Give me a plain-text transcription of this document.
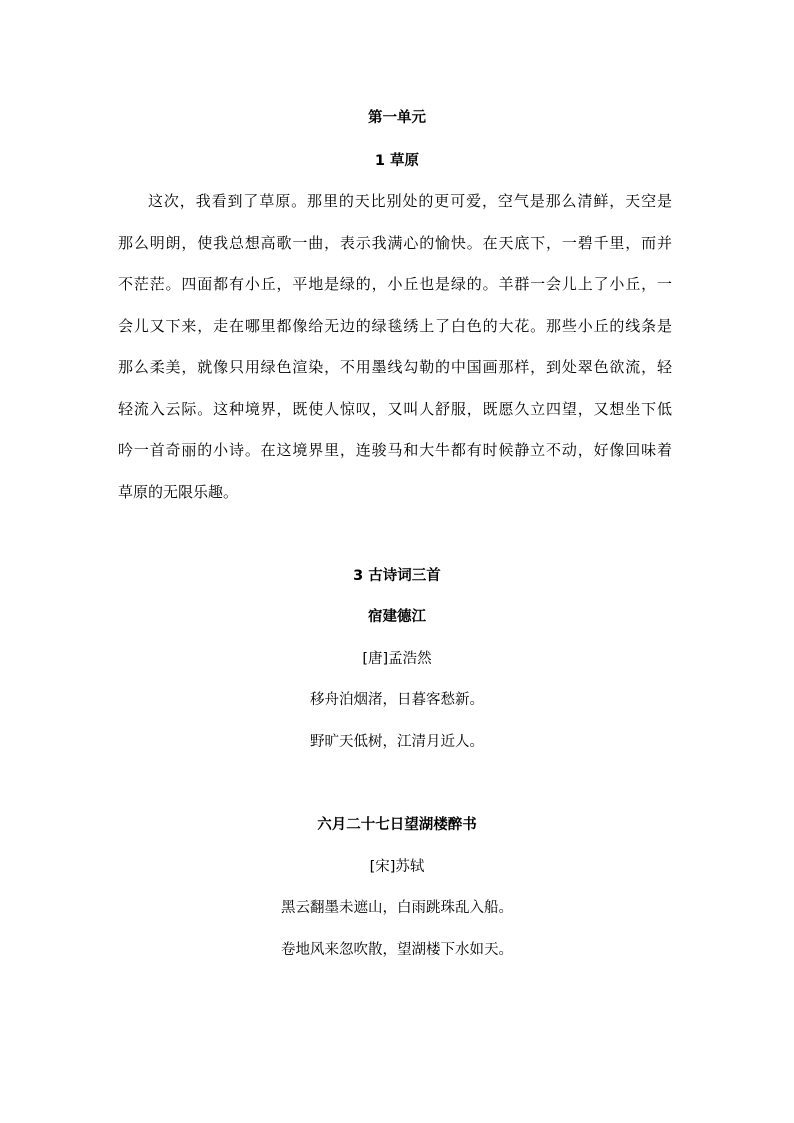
第一单元
1 草原
这次，我看到了草原。那里的天比别处的更可爱，空气是那么清鲜，天空是
那么明朗，使我总想高歌一曲，表示我满心的愉快。在天底下，一碧千里，而并
不茫茫。四面都有小丘，平地是绿的，小丘也是绿的。羊群一会儿上了小丘，一
会儿又下来，走在哪里都像给无边的绿毯绣上了白色的大花。那些小丘的线条是
那么柔美，就像只用绿色渲染，不用墨线勾勒的中国画那样，到处翠色欲流，轻
轻流入云际。这种境界，既使人惊叹，又叫人舒服，既愿久立四望，又想坐下低
吟一首奇丽的小诗。在这境界里，连骏马和大牛都有时候静立不动，好像回味着
草原的无限乐趣。
3 古诗词三首
宿建德江
[唐]孟浩然
移舟泊烟渚，日暮客愁新。
野旷天低树，江清月近人。
六月二十七日望湖楼醉书
[宋]苏轼
黑云翻墨未遮山，白雨跳珠乱入船。
卷地风来忽吹散，望湖楼下水如天。
